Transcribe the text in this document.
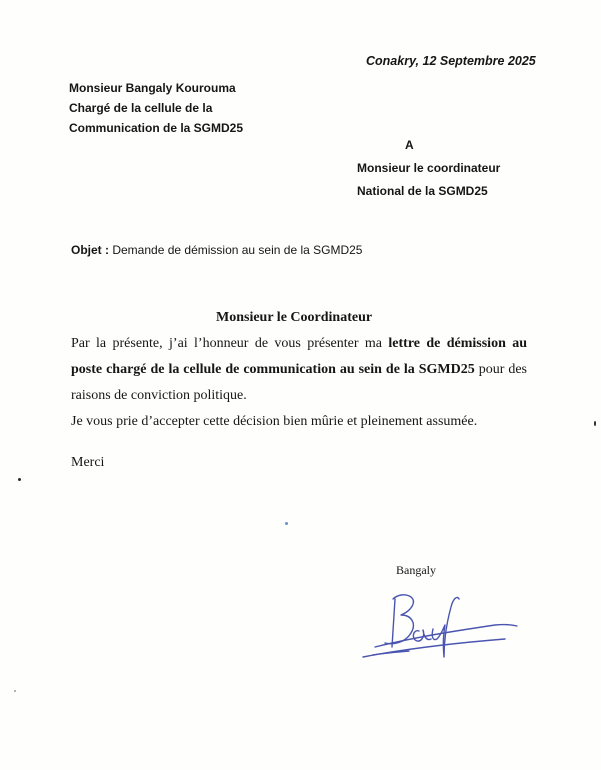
Conakry, 12 Septembre 2025
Monsieur Bangaly Kourouma
Chargé de la cellule de la
Communication de la SGMD25
A
Monsieur le coordinateur
National de la SGMD25
Objet : Demande de démission au sein de la SGMD25
Monsieur le Coordinateur
Par la présente, j’ai l’honneur de vous présenter ma lettre de démission au poste chargé de la cellule de communication au sein de la SGMD25 pour des raisons de conviction politique.
Je vous prie d’accepter cette décision bien mûrie et pleinement assumée.
Merci
Bangaly
